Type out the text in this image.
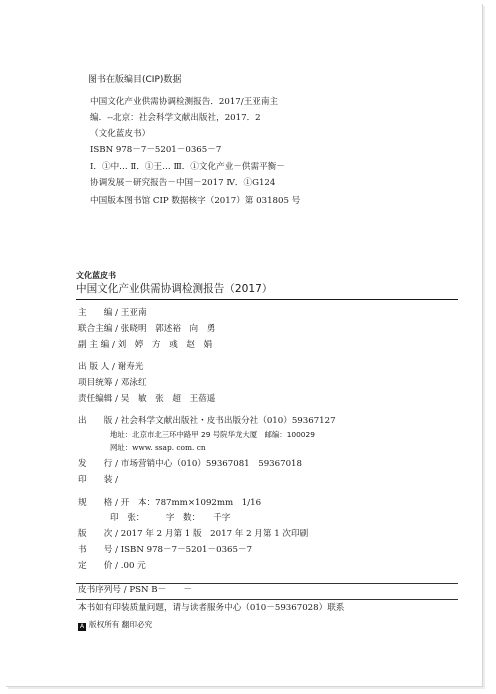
图书在版编目(CIP)数据
中国文化产业供需协调检测报告．2017/王亚南主
编．--北京：社会科学文献出版社，2017．2
（文化蓝皮书）
ISBN 978－7－5201－0365－7
Ⅰ．①中… Ⅱ．①王… Ⅲ．①文化产业－供需平衡－
协调发展－研究报告－中国－2017 Ⅳ．①G124
中国版本图书馆 CIP 数据核字（2017）第 031805 号
文化蓝皮书
中国文化产业供需协调检测报告（2017）
主　　编 / 王亚南
联合主编 / 张晓明　郭述裕　向　勇
副 主 编 / 刘　婷　方　彧　赵　娟
出 版 人 / 谢寿光
项目统筹 / 邓泳红
责任编辑 / 吴　敏　张　超　王蓓遥
出　　版 / 社会科学文献出版社・皮书出版分社（010）59367127
地址：北京市北三环中路甲 29 号院华龙大厦　邮编：100029
网址：www. ssap. com. cn
发　　行 / 市场营销中心（010）59367081　59367018
印　　装 /
规　　格 / 开　本：787mm×1092mm　1/16
印　张：　　　字　数：　　千字
版　　次 / 2017 年 2 月第 1 版　2017 年 2 月第 1 次印刷
书　　号 / ISBN 978－7－5201－0365－7
定　　价 / .00 元
皮书序列号 / PSN B－　　－
本书如有印装质量问题，请与读者服务中心（010－59367028）联系
A 版权所有 翻印必究
